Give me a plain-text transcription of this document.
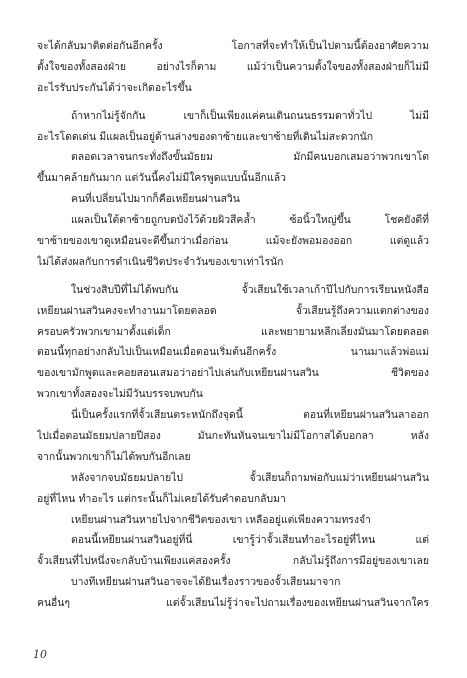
จะได้กลับมาติดต่อกันอีกครั้ง โอกาสที่จะทำให้เป็นไปตามนี้ต้องอาศัยความ
ตั้งใจของทั้งสองฝ่าย อย่างไรก็ตาม แม้ว่าเป็นความตั้งใจของทั้งสองฝ่ายก็ไม่มี
อะไรรับประกันได้ว่าจะเกิดอะไรขึ้น
ถ้าหากไม่รู้จักกัน เขาก็เป็นเพียงแค่คนเดินถนนธรรมดาทั่วไป ไม่มี
อะไรโดดเด่น มีแผลเป็นอยู่ด้านล่างของตาซ้ายและขาซ้ายที่เดินไม่สะดวกนัก
ตลอดเวลาจนกระทั่งถึงขั้นมัธยม มักมีคนบอกเสมอว่าพวกเขาโต
ขึ้นมาคล้ายกันมาก แต่วันนี้คงไม่มีใครพูดแบบนั้นอีกแล้ว
คนที่เปลี่ยนไปมากก็คือเหยียนฝานสวิน
แผลเป็นใต้ตาซ้ายถูกบดบังไว้ด้วยผิวสีคล้ำ ซ้อนิ้วใหญ่ขึ้น โชคยังดีที่
ขาซ้ายของเขาดูเหมือนจะดีขึ้นกว่าเมื่อก่อน แม้จะยังพอมองออก แต่ดูแล้ว
ไม่ได้ส่งผลกับการดำเนินชีวิตประจำวันของเขาเท่าไรนัก
ในช่วงสิบปีที่ไม่ได้พบกัน จั้วเสียนใช้เวลาเก้าปีไปกับการเรียนหนังสือ
เหยียนฝานสวินคงจะทำงานมาโดยตลอด จั้วเสียนรู้ถึงความแตกต่างของ
ครอบครัวพวกเขามาตั้งแต่เด็ก และพยายามหลีกเลี่ยงมันมาโดยตลอด
ตอนนี้ทุกอย่างกลับไปเป็นเหมือนเมื่อตอนเริ่มต้นอีกครั้ง นานมาแล้วพ่อแม่
ของเขามักพูดและคอยสอนเสมอว่าอย่าไปเล่นกับเหยียนฝานสวิน ชีวิตของ
พวกเขาทั้งสองจะไม่มีวันบรรจบพบกัน
นี่เป็นครั้งแรกที่จั้วเสียนตระหนักถึงจุดนี้ ตอนที่เหยียนฝานสวินลาออก
ไปเมื่อตอนมัธยมปลายปีสอง มันกะทันหันจนเขาไม่มีโอกาสได้บอกลา หลัง
จากนั้นพวกเขาก็ไม่ได้พบกันอีกเลย
หลังจากจบมัธยมปลายไป จั้วเสียนก็ถามพ่อกับแม่ว่าเหยียนฝานสวิน
อยู่ที่ไหน ทำอะไร แต่กระนั้นก็ไม่เคยได้รับคำตอบกลับมา
เหยียนฝานสวินหายไปจากชีวิตของเขา เหลืออยู่แต่เพียงความทรงจำ
ตอนนี้เหยียนฝานสวินอยู่ที่นี่ เขารู้ว่าจั้วเสียนทำอะไรอยู่ที่ไหน แต่
จั้วเสียนที่ไปหนึ่งจะกลับบ้านเพียงแค่สองครั้ง กลับไม่รู้ถึงการมีอยู่ของเขาเลย
บางทีเหยียนฝานสวินอาจจะได้ยินเรื่องราวของจั้วเสียนมาจาก
คนอื่นๆ แต่จั้วเสียนไม่รู้ว่าจะไปถามเรื่องของเหยียนฝานสวินจากใคร
10
